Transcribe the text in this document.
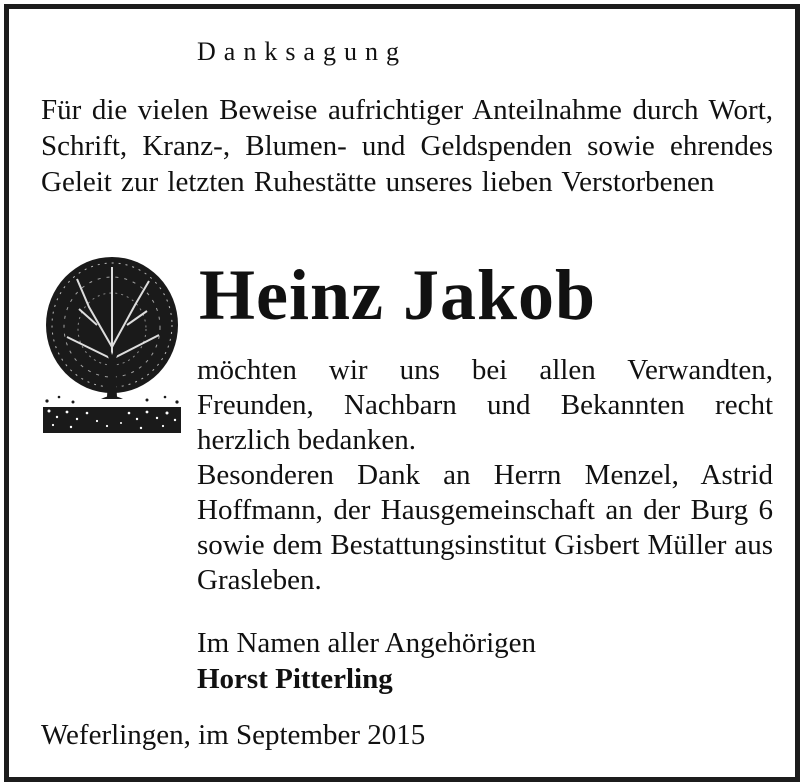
Danksagung

Für die vielen Beweise aufrichtiger Anteilnahme durch Wort, Schrift, Kranz-, Blumen- und Geldspenden sowie ehrendes Geleit zur letzten Ruhestätte unseres lieben Verstorbenen

Heinz Jakob

möchten wir uns bei allen Verwandten, Freunden, Nachbarn und Bekannten recht herzlich bedanken.

Besonderen Dank an Herrn Menzel, Astrid Hoffmann, der Hausgemeinschaft an der Burg 6 sowie dem Bestattungsinstitut Gisbert Müller aus Grasleben.

Im Namen aller Angehörigen
Horst Pitterling
Weferlingen, im September 2015
